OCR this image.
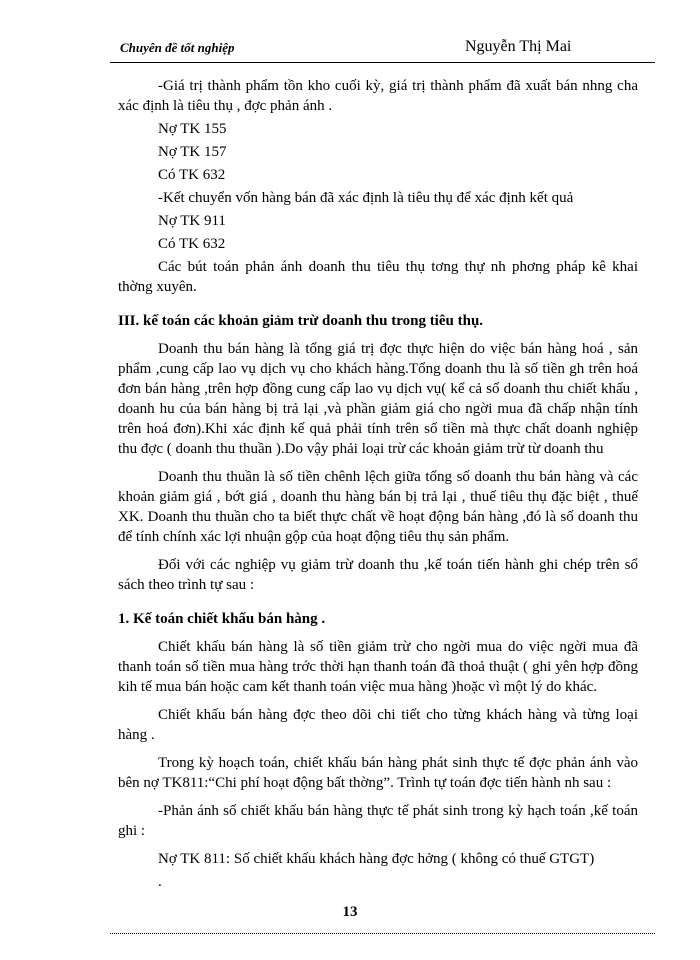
Chuyên đề tốt nghiệp	Nguyễn Thị Mai

-Giá trị thành phẩm tồn kho cuối kỳ, giá trị thành phẩm đã xuất bán nhng cha xác định là tiêu thụ , đợc phản ánh .

Nợ TK 155

Nợ TK 157

Có TK 632

-Kết chuyển vốn hàng bán đã xác định là tiêu thụ để xác định kết quả

Nợ TK 911

Có TK 632

Các bút toán phản ánh doanh thu tiêu thụ tơng thự nh phơng pháp kê khai thờng xuyên.

III. kế toán các khoản giảm trừ doanh thu trong tiêu thụ.

Doanh thu bán hàng là tổng giá trị đợc thực hiện do việc bán hàng hoá , sản phẩm ,cung cấp lao vụ dịch vụ cho khách hàng.Tổng doanh thu là số tiền gh trên hoá đơn bán hàng ,trên hợp đồng cung cấp lao vụ dịch vụ( kể cả số doanh thu chiết khấu , doanh hu của bán hàng bị trả lại ,và phần giảm giá cho ngời mua đã chấp nhận tính trên hoá đơn).Khi xác định kế quả phải tính trên số tiền mà thực chất doanh nghiệp thu đợc ( doanh thu thuần ).Do vậy phải loại trừ các khoản giảm trừ từ doanh thu

Doanh thu thuần là số tiền chênh lệch giữa tổng số doanh thu bán hàng và các khoản giảm giá , bớt giá , doanh thu hàng bán bị trả lại , thuế tiêu thụ đặc biệt , thuế XK. Doanh thu thuần cho ta biết thực chất về hoạt động bán hàng ,đó là số doanh thu để tính chính xác lợi nhuận gộp của hoạt động tiêu thụ sản phẩm.

Đối với các nghiệp vụ giảm trừ doanh thu ,kế toán tiến hành ghi chép trên sổ sách theo trình tự sau :

1. Kế toán chiết khấu bán hàng .

Chiết khấu bán hàng là số tiền giảm trừ cho ngời mua do việc ngời mua đã thanh toán số tiền mua hàng trớc thời hạn thanh toán đã thoả thuật ( ghi yên hợp đồng kih tế mua bán hoặc cam kết thanh toán việc mua hàng )hoặc vì một lý do khác.

Chiết khấu bán hàng đợc theo dõi chi tiết cho từng khách hàng và từng loại hàng .

Trong kỳ hoạch toán, chiết khấu bán hàng phát sinh thực tế đợc phản ánh vào bên nợ TK811:“Chi phí hoạt động bất thờng”. Trình tự toán đợc tiến hành nh sau :

-Phản ánh số chiết khấu bán hàng thực tế phát sinh trong kỳ hạch toán ,kế toán ghi :

Nợ TK 811: Số chiết khấu khách hàng đợc hởng ( không có thuế GTGT)

.

13
